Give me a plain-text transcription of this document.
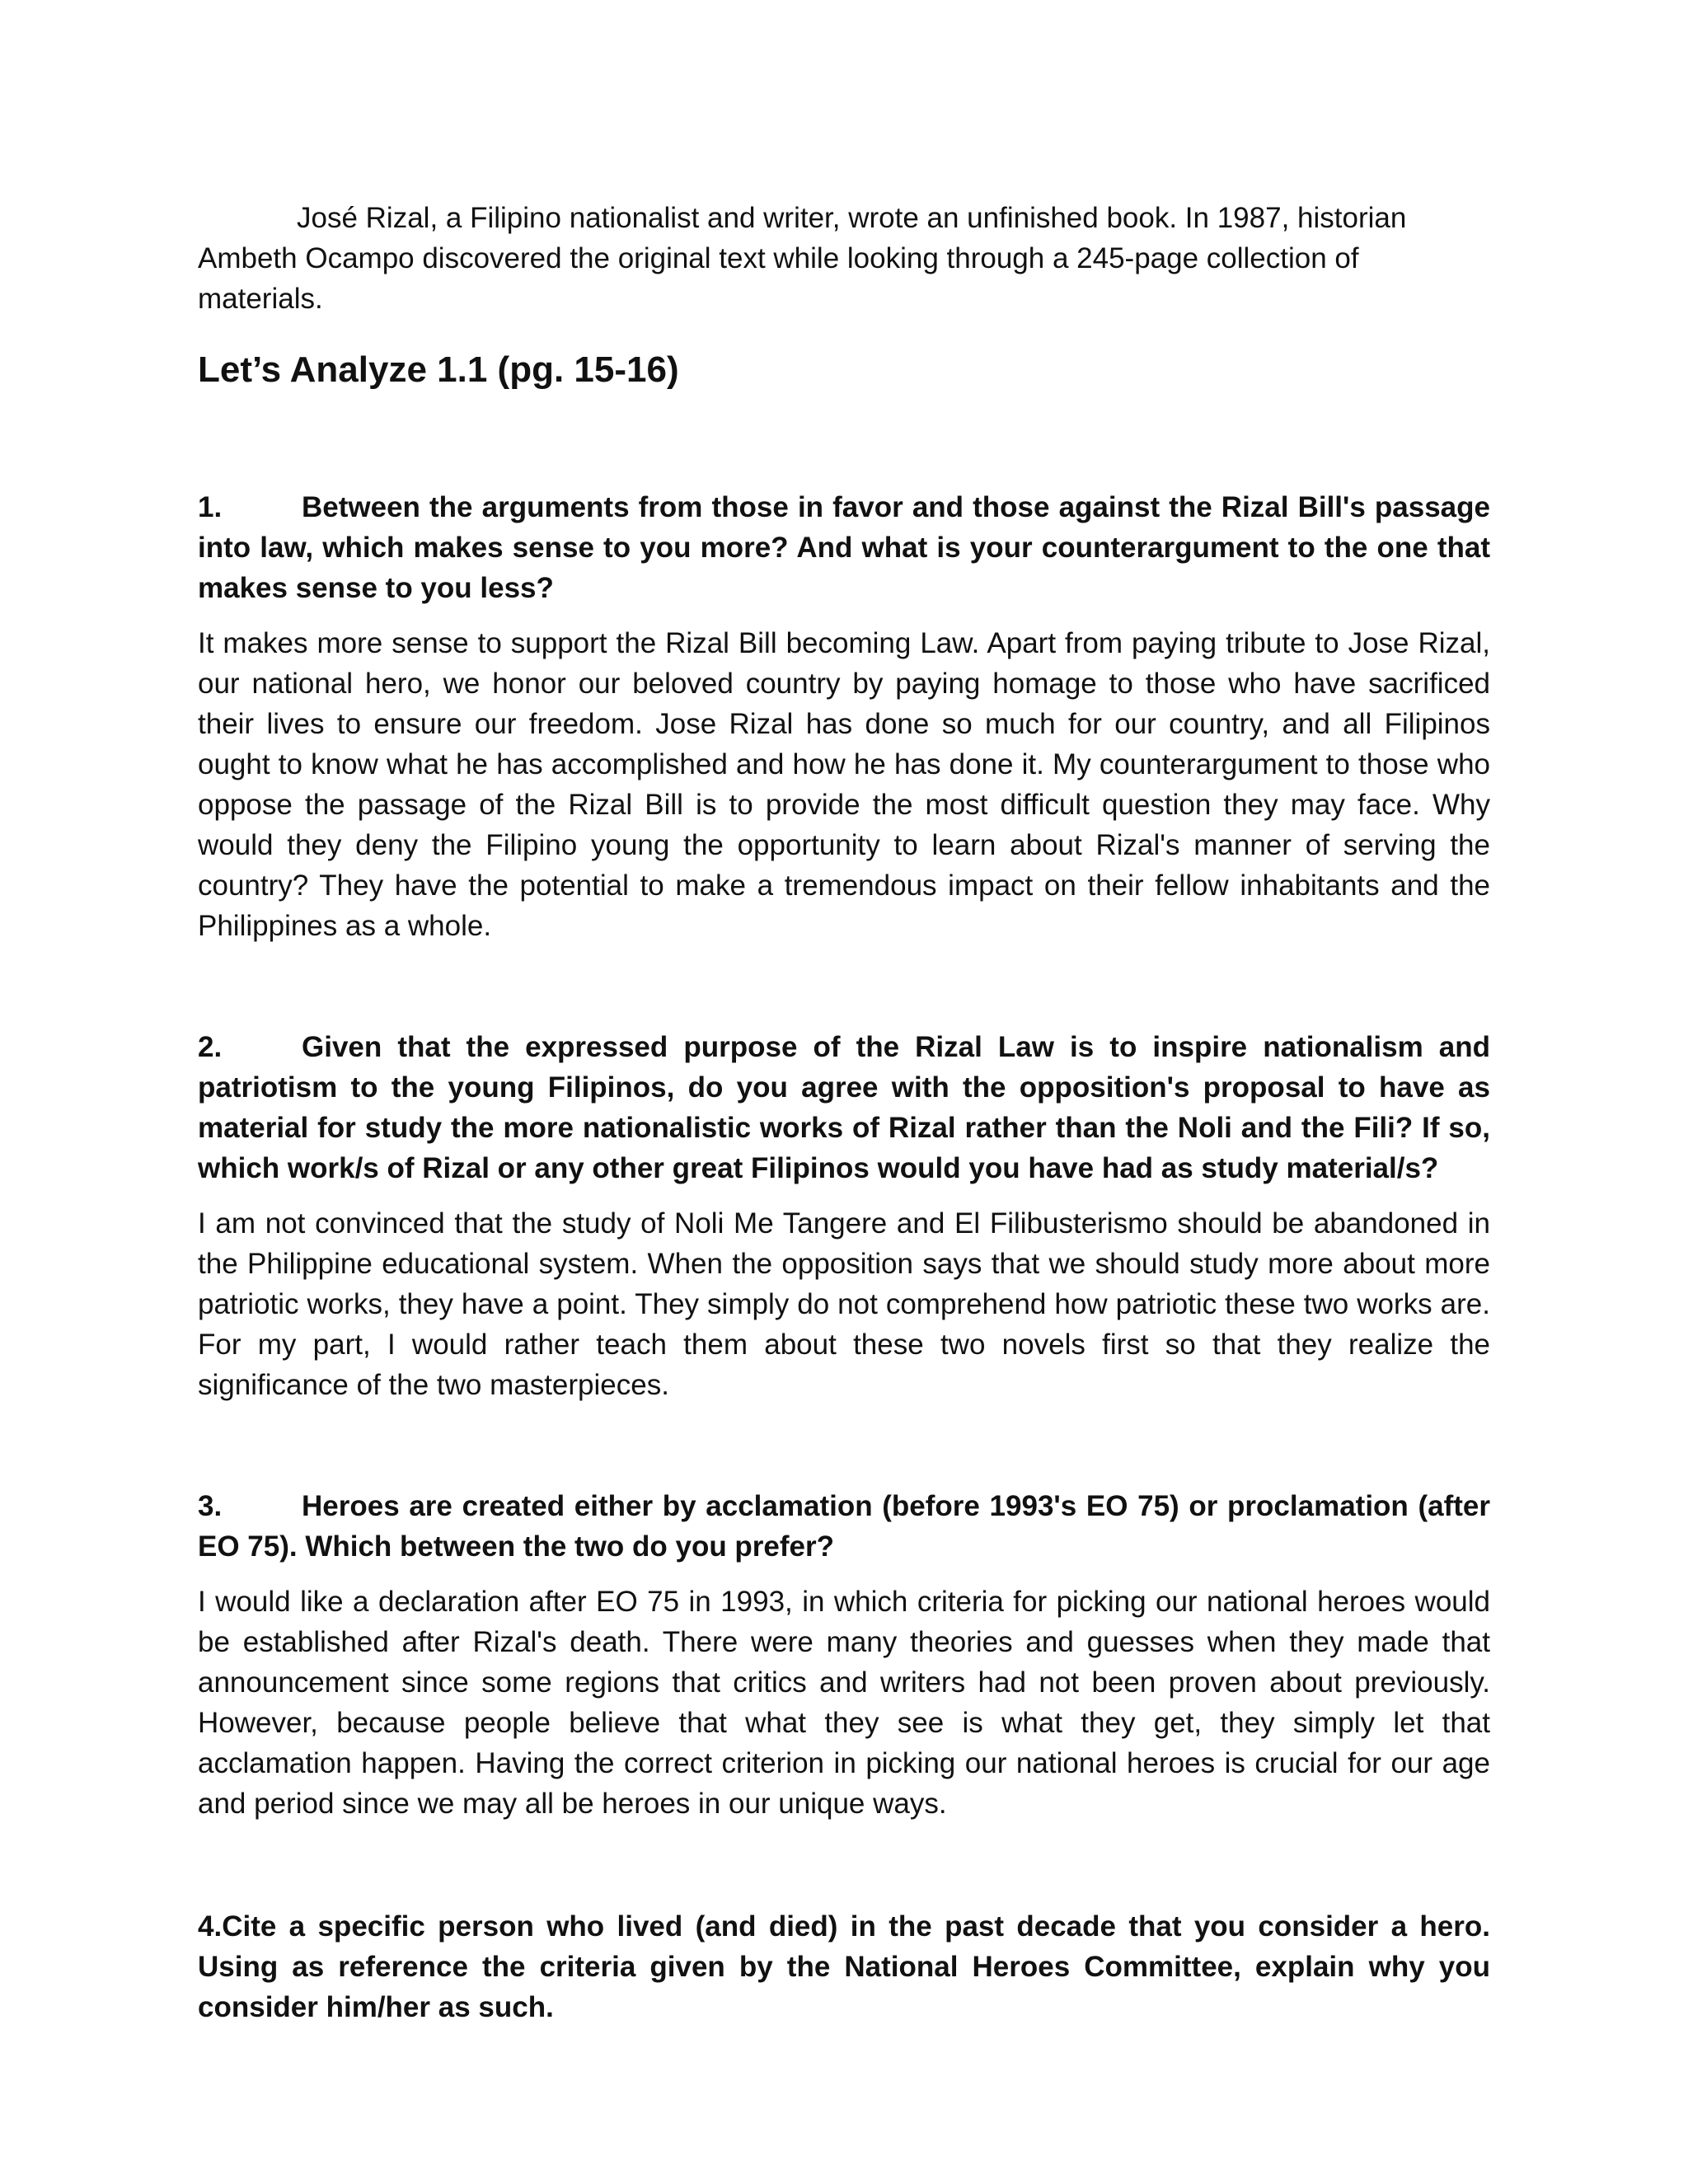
José Rizal, a Filipino nationalist and writer, wrote an unfinished book. In 1987, historian Ambeth Ocampo discovered the original text while looking through a 245-page collection of materials.

Let’s Analyze 1.1 (pg. 15-16)

1.	Between the arguments from those in favor and those against the Rizal Bill's passage into law, which makes sense to you more? And what is your counterargument to the one that makes sense to you less?

It makes more sense to support the Rizal Bill becoming Law. Apart from paying tribute to Jose Rizal, our national hero, we honor our beloved country by paying homage to those who have sacrificed their lives to ensure our freedom. Jose Rizal has done so much for our country, and all Filipinos ought to know what he has accomplished and how he has done it. My counterargument to those who oppose the passage of the Rizal Bill is to provide the most difficult question they may face. Why would they deny the Filipino young the opportunity to learn about Rizal's manner of serving the country? They have the potential to make a tremendous impact on their fellow inhabitants and the Philippines as a whole.

2.	Given that the expressed purpose of the Rizal Law is to inspire nationalism and patriotism to the young Filipinos, do you agree with the opposition's proposal to have as material for study the more nationalistic works of Rizal rather than the Noli and the Fili? If so, which work/s of Rizal or any other great Filipinos would you have had as study material/s?

I am not convinced that the study of Noli Me Tangere and El Filibusterismo should be abandoned in the Philippine educational system. When the opposition says that we should study more about more patriotic works, they have a point. They simply do not comprehend how patriotic these two works are. For my part, I would rather teach them about these two novels first so that they realize the significance of the two masterpieces.

3.	Heroes are created either by acclamation (before 1993's EO 75) or proclamation (after EO 75). Which between the two do you prefer?

I would like a declaration after EO 75 in 1993, in which criteria for picking our national heroes would be established after Rizal's death. There were many theories and guesses when they made that announcement since some regions that critics and writers had not been proven about previously. However, because people believe that what they see is what they get, they simply let that acclamation happen. Having the correct criterion in picking our national heroes is crucial for our age and period since we may all be heroes in our unique ways.

4.Cite a specific person who lived (and died) in the past decade that you consider a hero. Using as reference the criteria given by the National Heroes Committee, explain why you consider him/her as such.
